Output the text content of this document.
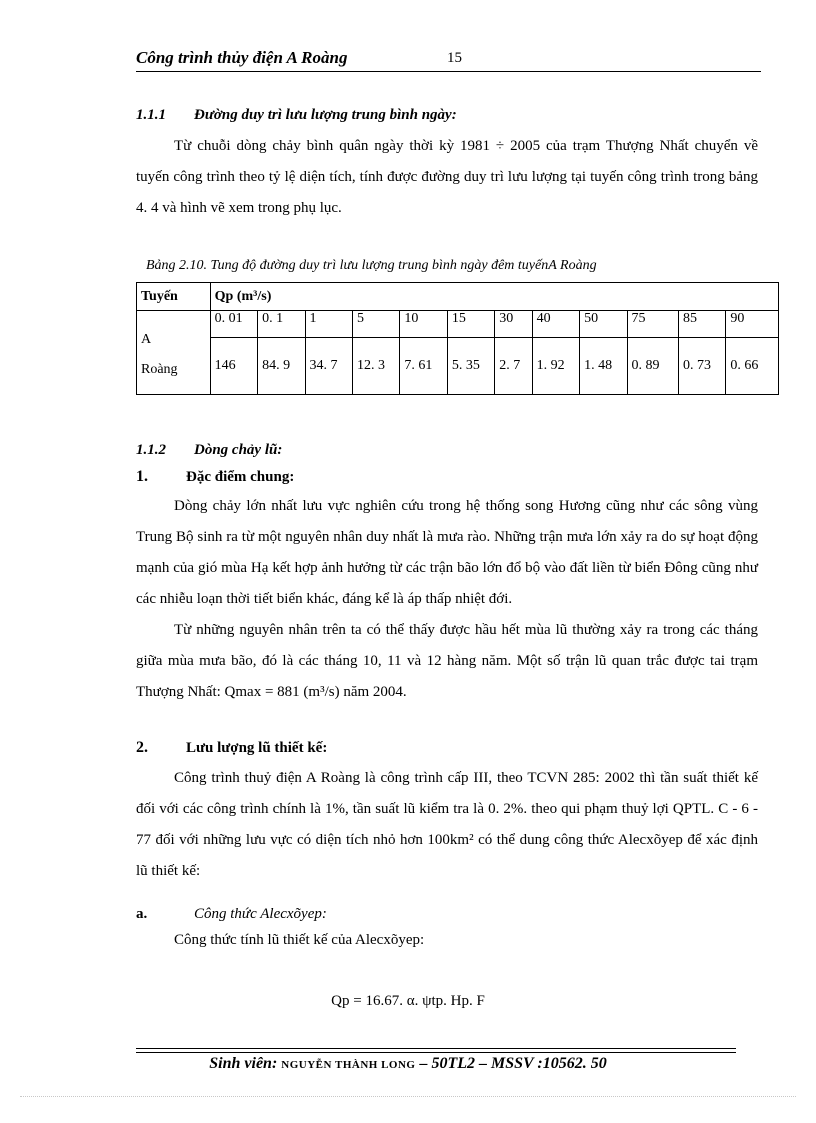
Công trình thủy điện A Roàng	15
1.1.1 Đường duy trì lưu lượng trung bình ngày:

Từ chuỗi dòng chảy bình quân ngày thời kỳ 1981 ÷ 2005 của trạm Thượng Nhất chuyển về tuyến công trình theo tỷ lệ diện tích, tính được đường duy trì lưu lượng tại tuyến công trình trong bảng 4. 4 và hình vẽ xem trong phụ lục.

Bảng 2.10. Tung độ đường duy trì lưu lượng trung bình ngày đêm tuyếnA Roàng
Tuyến	Qp (m³/s)											

A
Roàng	0. 01	0. 1	1	5	10	15	30	40	50	75	85	90
	146	84. 9	34. 7	12. 3	7. 61	5. 35	2. 7	1. 92	1. 48	0. 89	0. 73	0. 66
1.1.2 Dòng chảy lũ:
1.	Đặc điểm chung:

Dòng chảy lớn nhất lưu vực nghiên cứu trong hệ thống song Hương cũng như các sông vùng Trung Bộ sinh ra từ một nguyên nhân duy nhất là mưa rào. Những trận mưa lớn xảy ra do sự hoạt động mạnh của gió mùa Hạ kết hợp ảnh hưởng từ các trận bão lớn đổ bộ vào đất liền từ biển Đông cũng như các nhiễu loạn thời tiết biển khác, đáng kể là áp thấp nhiệt đới.

Từ những nguyên nhân trên ta có thể thấy được hầu hết mùa lũ thường xảy ra trong các tháng giữa mùa mưa bão, đó là các tháng 10, 11 và 12 hàng năm. Một số trận lũ quan trắc được tai trạm Thượng Nhất: Qmax = 881 (m³/s) năm 2004.

2.	Lưu lượng lũ thiết kế:

Công trình thuỷ điện A Roàng là công trình cấp III, theo TCVN 285: 2002 thì tần suất thiết kế đối với các công trình chính là 1%, tần suất lũ kiểm tra là 0. 2%. theo qui phạm thuỷ lợi QPTL. C - 6 - 77 đối với những lưu vực có diện tích nhỏ hơn 100km² có thể dung công thức Alecxõyep để xác định lũ thiết kế:

a.	Công thức Alecxõyep:
Công thức tính lũ thiết kế của Alecxõyep:
Qp = 16.67. α. ψtp. Hp. F
Sinh viên: NGUYỄN THÀNH LONG – 50TL2 – MSSV :10562. 50
